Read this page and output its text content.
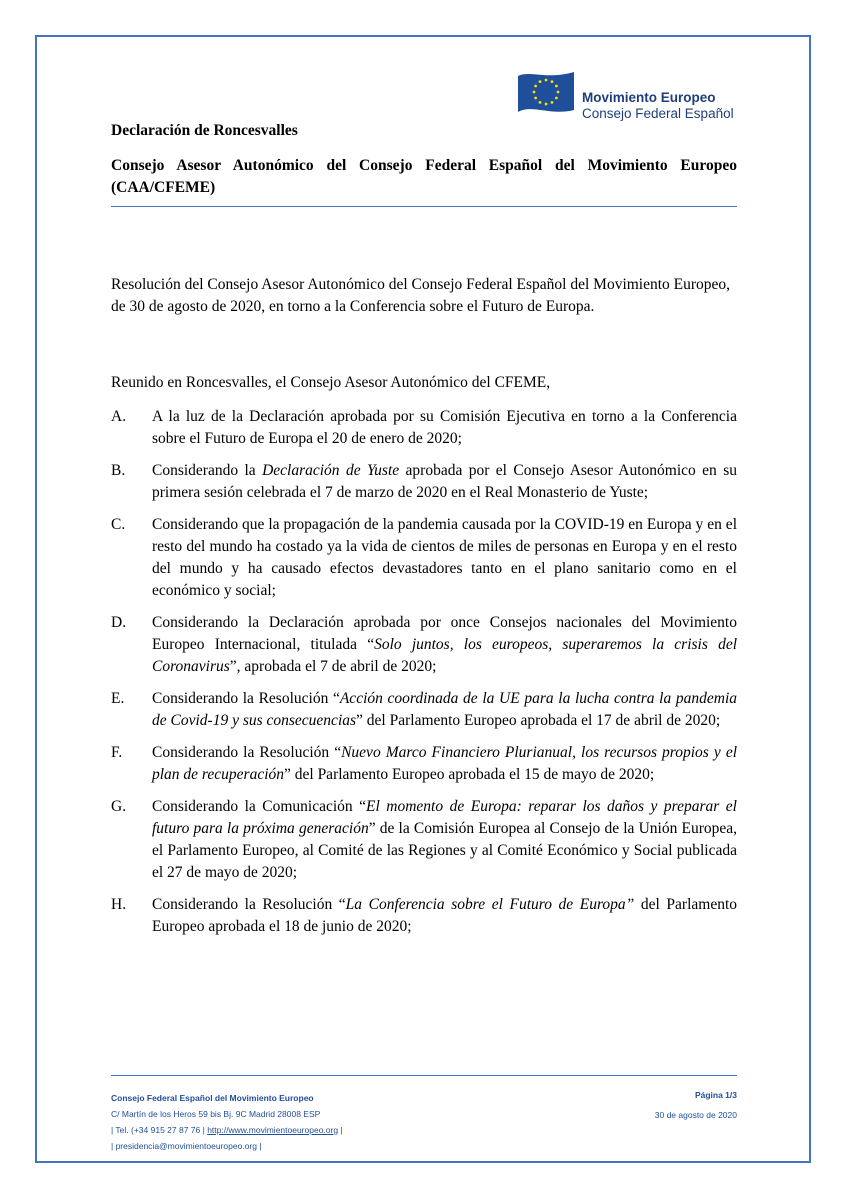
Movimiento Europeo
Consejo Federal Español
Declaración de Roncesvalles
Consejo Asesor Autonómico del Consejo Federal Español del Movimiento Europeo (CAA/CFEME)
Resolución del Consejo Asesor Autonómico del Consejo Federal Español del Movimiento Europeo, de 30 de agosto de 2020, en torno a la Conferencia sobre el Futuro de Europa.
Reunido en Roncesvalles, el Consejo Asesor Autonómico del CFEME,
A.	A la luz de la Declaración aprobada por su Comisión Ejecutiva en torno a la Conferencia sobre el Futuro de Europa el 20 de enero de 2020;
B.	Considerando la Declaración de Yuste aprobada por el Consejo Asesor Autonómico en su primera sesión celebrada el 7 de marzo de 2020 en el Real Monasterio de Yuste;
C.	Considerando que la propagación de la pandemia causada por la COVID-19 en Europa y en el resto del mundo ha costado ya la vida de cientos de miles de personas en Europa y en el resto del mundo y ha causado efectos devastadores tanto en el plano sanitario como en el económico y social;
D.	Considerando la Declaración aprobada por once Consejos nacionales del Movimiento Europeo Internacional, titulada “Solo juntos, los europeos, superaremos la crisis del Coronavirus”, aprobada el 7 de abril de 2020;
E.	Considerando la Resolución “Acción coordinada de la UE para la lucha contra la pandemia de Covid-19 y sus consecuencias” del Parlamento Europeo aprobada el 17 de abril de 2020;
F.	Considerando la Resolución “Nuevo Marco Financiero Plurianual, los recursos propios y el plan de recuperación” del Parlamento Europeo aprobada el 15 de mayo de 2020;
G.	Considerando la Comunicación “El momento de Europa: reparar los daños y preparar el futuro para la próxima generación” de la Comisión Europea al Consejo de la Unión Europea, el Parlamento Europeo, al Comité de las Regiones y al Comité Económico y Social publicada el 27 de mayo de 2020;
H.	Considerando la Resolución “La Conferencia sobre el Futuro de Europa” del Parlamento Europeo aprobada el 18 de junio de 2020;
Consejo Federal Español del Movimiento Europeo
C/ Martín de los Heros 59 bis Bj. 9C Madrid 28008 ESP
| Tel. (+34 915 27 87 76 | http://www.movimientoeuropeo.org |
| presidencia@movimientoeuropeo.org |
Página 1/3
30 de agosto de 2020
